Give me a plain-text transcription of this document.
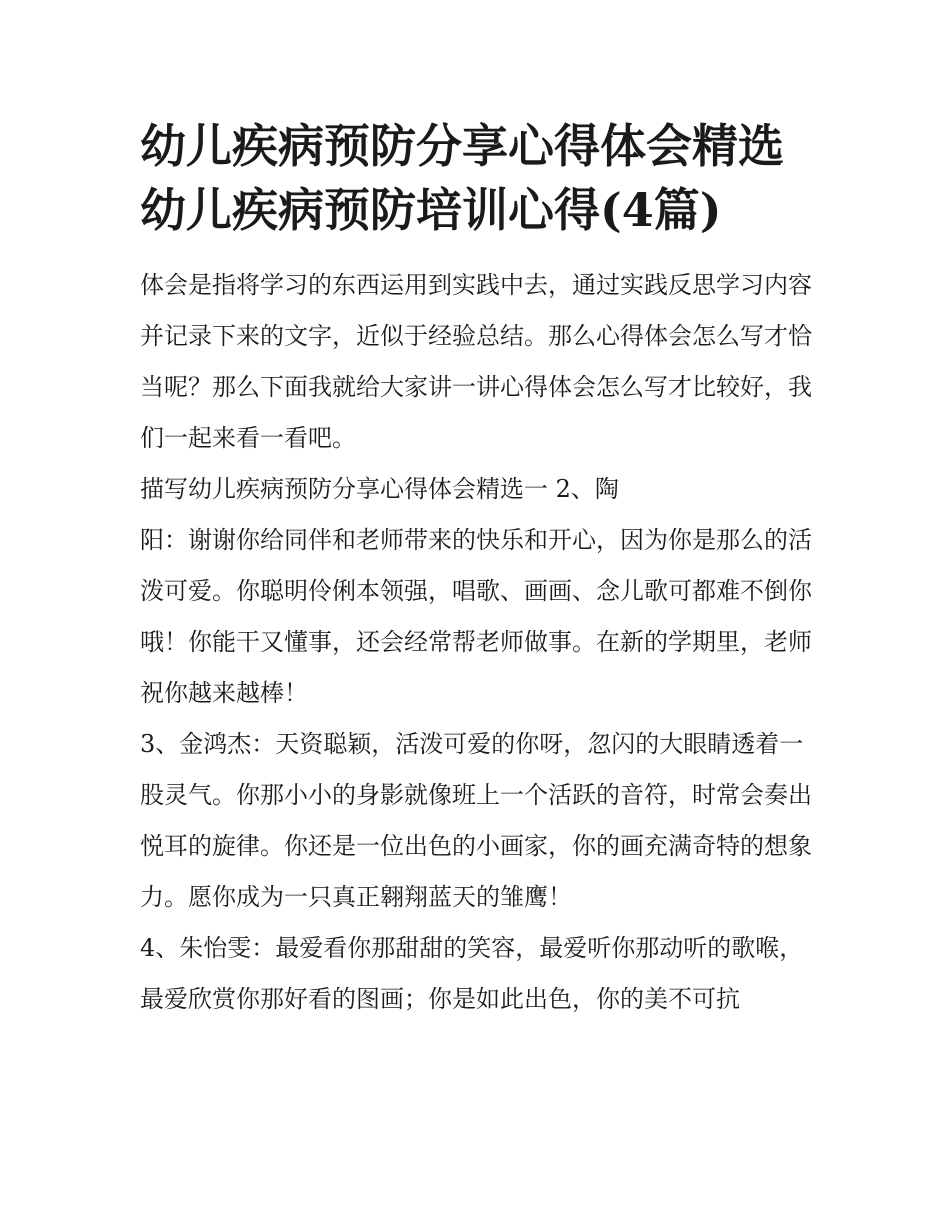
幼儿疾病预防分享心得体会精选 幼儿疾病预防培训心得(4篇)

体会是指将学习的东西运用到实践中去，通过实践反思学习内容并记录下来的文字，近似于经验总结。那么心得体会怎么写才恰当呢？那么下面我就给大家讲一讲心得体会怎么写才比较好，我们一起来看一看吧。

描写幼儿疾病预防分享心得体会精选一 2、陶

阳：谢谢你给同伴和老师带来的快乐和开心，因为你是那么的活泼可爱。你聪明伶俐本领强，唱歌、画画、念儿歌可都难不倒你哦！你能干又懂事，还会经常帮老师做事。在新的学期里，老师祝你越来越棒！

3、金鸿杰：天资聪颖，活泼可爱的你呀，忽闪的大眼睛透着一股灵气。你那小小的身影就像班上一个活跃的音符，时常会奏出悦耳的旋律。你还是一位出色的小画家，你的画充满奇特的想象力。愿你成为一只真正翱翔蓝天的雏鹰！

4、朱怡雯：最爱看你那甜甜的笑容，最爱听你那动听的歌喉，最爱欣赏你那好看的图画；你是如此出色，你的美不可抗
